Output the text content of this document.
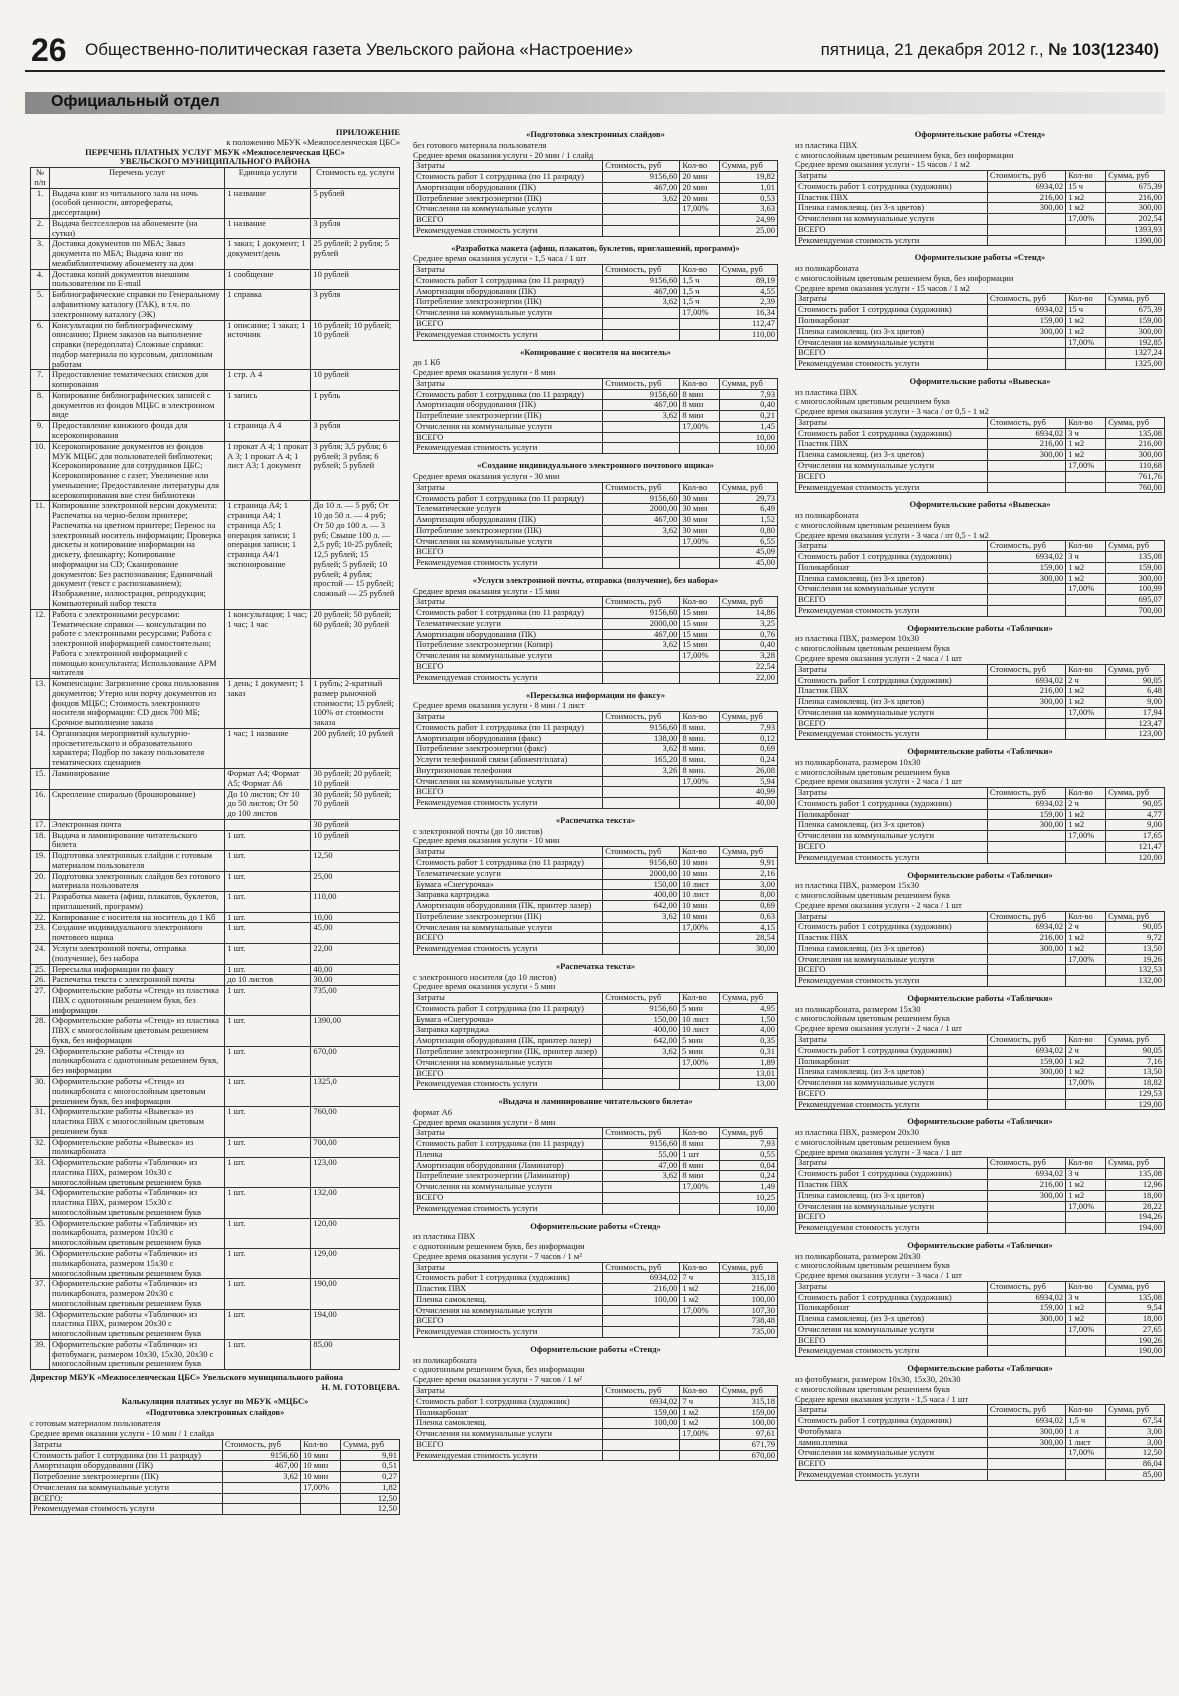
26 Общественно-политическая газета Увельского района «Настроение»	пятница, 21 декабря 2012 г., № 103(12340)
Официальный отдел
ПРИЛОЖЕНИЕ
к положению МБУК «Межпоселенческая ЦБС»
ПЕРЕЧЕНЬ ПЛАТНЫХ УСЛУГ МБУК «Межпоселенческая ЦБС»
УВЕЛЬСКОГО МУНИЦИПАЛЬНОГО РАЙОНА
№ п/п	Перечень услуг	Единица услуги	Стоимость ед. услуги
1.	Выдача книг из читального зала на ночь (особой ценности, авторефераты, диссертации)	1 название	5 рублей
2.	Выдача бестселлеров на абонементе (на сутки)	1 название	3 рубля
3.	Доставка документов по МБА; Заказ документа по МБА; Выдача книг по межбиблиотечному абонементу на дом	1 заказ; 1 документ; 1 документ/день	25 рублей; 2 рубля; 5 рублей
4.	Доставка копий документов внешним пользователям по E-mail	1 сообщение	10 рублей
5.	Библиографические справки по Генеральному алфавитному каталогу (ГАК), в т.ч. по электронному каталогу (ЭК)	1 справка	3 рубля
6.	Консультации по библиографическому описанию; Прием заказов на выполнение справки (передоплата) Сложные справки: подбор материала по курсовым, дипломным работам	1 описание; 1 заказ; 1 источник	10 рублей; 10 рублей; 10 рублей
7.	Предоставление тематических списков для копирования	1 стр. А 4	10 рублей
8.	Копирование библиографических записей с документов из фондов МЦБС в электронном виде	1 запись	1 рубль
9.	Предоставление книжного фонда для ксерокопирования	1 страница А 4	3 рубля
10.	Ксерокопирование документов из фондов МУК МЦБС для пользователей библиотеки; Ксерокопирование для сотрудников ЦБС; Ксерокопирование с газет; Увеличение или уменьшение; Предоставление литературы для ксерокопирования вне стен библиотеки	1 прокат А 4; 1 прокат А 3; 1 прокат А 4; 1 лист А3; 1 документ	3 рубля; 3,5 рубля; 6 рублей; 3 рубля; 6 рублей; 5 рублей
11.	Копирование электронной версии документа: Распечатка на черно-белом принтере; Распечатка на цветном принтере; Перенос на электронный носитель информации; Проверка дискеты и копирование информации на дискету, флешкарту; Копирование информации на CD; Сканирование документов: Без распознавания; Единичный документ (текст с распознаванием); Изображение, иллюстрация, репродукция; Компьютерный набор текста	1 страница А4; 1 страница А4; 1 страница А5; 1 операция записи; 1 операция записи; 1 страница А4/1 экспонирование	До 10 л. — 5 руб; От 10 до 50 л. — 4 руб; От 50 до 100 л. — 3 руб; Свыше 100 л. — 2,5 руб; 10-25 рублей; 12,5 рублей; 15 рублей; 5 рублей; 10 рублей; 4 рубля; простой — 15 рублей; сложный — 25 рублей
12.	Работа с электронными ресурсами: Тематические справки — консультации по работе с электронными ресурсами; Работа с электронной информацией самостоятельно; Работа с электронной информацией с помощью консультанта; Использование АРМ читателя	1 консультация; 1 час; 1 час; 1 час	20 рублей; 50 рублей; 60 рублей; 30 рублей
13.	Компенсации: Загрязнение срока пользования документов; Утерю или порчу документов из фондов МЦБС; Стоимость электронного носителя информации: CD диск 700 МБ; Срочное выполнение заказа	1 день; 1 документ; 1 заказ	1 рубль; 2-кратный размер рыночной стоимости; 15 рублей; 100% от стоимости заказа
14.	Организация мероприятий культурно-просветительского и образовательного характера; Подбор по заказу пользователя тематических сценариев	1 час; 1 название	200 рублей; 10 рублей
15.	Ламинирование	Формат А4; Формат А5; Формат А6	30 рублей; 20 рублей; 10 рублей
16.	Скрепление спиралью (брошюрование)	До 10 листов; От 10 до 50 листов; От 50 до 100 листов	30 рублей; 50 рублей; 70 рублей
17.	Электронная почта		30 рублей
18.	Выдача и ламинирование читательского билета	1 шт.	10 рублей
19.	Подготовка электронных слайдов с готовым материалом пользователя	1 шт.	12,50
20.	Подготовка электронных слайдов без готового материала пользователя	1 шт.	25,00
21.	Разработка макета (афиш, плакатов, буклетов, приглашений, программ)	1 шт.	110,00
22.	Копирование с носителя на носитель до 1 Кб	1 шт.	10,00
23.	Создание индивидуального электронного почтового ящика	1 шт.	45,00
24.	Услуги электронной почты, отправка (получение), без набора	1 шт.	22,00
25.	Пересылка информации по факсу	1 шт.	40,00
26.	Распечатка текста с электронной почты	до 10 листов	30,00
27.	Оформительские работы «Стенд» из пластика ПВХ с однотонным решением букв, без информации	1 шт.	735,00
28.	Оформительские работы «Стенд» из пластика ПВХ с многослойным цветовым решением букв, без информации	1 шт.	1390,00
29.	Оформительские работы «Стенд» из поликарбоната с однотонным решением букв, без информации	1 шт.	670,00
30.	Оформительские работы «Стенд» из поликарбоната с многослойным цветовым решением букв, без информации	1 шт.	1325,0
31.	Оформительские работы «Вывеска» из пластика ПВХ с многослойным цветовым решением букв	1 шт.	760,00
32.	Оформительские работы «Вывеска» из поликарбоната	1 шт.	700,00
33.	Оформительские работы «Таблички» из пластика ПВХ, размером 10х30 с многослойным цветовым решением букв	1 шт.	123,00
34.	Оформительские работы «Таблички» из пластика ПВХ, размером 15х30 с многослойным цветовым решением букв	1 шт.	132,00
35.	Оформительские работы «Таблички» из поликарбоната, размером 10х30 с многослойным цветовым решением букв	1 шт.	120,00
36.	Оформительские работы «Таблички» из поликарбоната, размером 15х30 с многослойным цветовым решением букв	1 шт.	129,00
37.	Оформительские работы «Таблички» из поликарбоната, размером 20х30 с многослойным цветовым решением букв	1 шт.	190,00
38.	Оформительские работы «Таблички» из пластика ПВХ, размером 20х30 с многослойным цветовым решением букв	1 шт.	194,00
39.	Оформительские работы «Таблички» из фотобумаги, размером 10х30, 15х30, 20х30 с многослойным цветовым решением букв	1 шт.	85,00
Директор МБУК «Межпоселенческая ЦБС» Увельского муниципального района
Н. М. ГОТОВЦЕВА.
Калькуляция платных услуг по МБУК «МЦБС»
«Подготовка электронных слайдов»

с готовым материалом пользователя

Среднее время оказания услуги - 10 мин / 1 слайда

Затраты	Стоимость, руб	Кол-во	Сумма, руб
Стоимость работ 1 сотрудника (по 11 разряду)	9156,60	10 мин	9,91
Амортизация оборудования (ПК)	467,00	10 мин	0,51
Потребление электроэнергии (ПК)	3,62	10 мин	0,27
Отчисления на коммунальные услуги		17,00%	1,82
ВСЕГО:			12,50
Рекомендуемая стоимость услуги			12,50
«Подготовка электронных слайдов»

без готового материала пользователя

Среднее время оказания услуги - 20 мин / 1 слайд

Затраты	Стоимость, руб	Кол-во	Сумма, руб
Стоимость работ 1 сотрудника (по 11 разряду)	9156,60	20 мин	19,82
Амортизация оборудования (ПК)	467,00	20 мин	1,01
Потребление электроэнергии (ПК)	3,62	20 мин	0,53
Отчисления на коммунальные услуги		17,00%	3,63
ВСЕГО			24,99
Рекомендуемая стоимость услуги			25,00
«Разработка макета (афиш, плакатов, буклетов, приглашений, программ)»

Среднее время оказания услуги - 1,5 часа / 1 шт

Затраты	Стоимость, руб	Кол-во	Сумма, руб
Стоимость работ 1 сотрудника (по 11 разряду)	9156,60	1,5 ч	89,19
Амортизация оборудования (ПК)	467,00	1,5 ч	4,55
Потребление электроэнергии (ПК)	3,62	1,5 ч	2,39
Отчисления на коммунальные услуги		17,00%	16,34
ВСЕГО			112,47
Рекомендуемая стоимость услуги			110,00
«Копирование с носителя на носитель»

до 1 Кб

Среднее время оказания услуги - 8 мин

Затраты	Стоимость, руб	Кол-во	Сумма, руб
Стоимость работ 1 сотрудника (по 11 разряду)	9156,60	8 мин	7,93
Амортизация оборудования (ПК)	467,00	8 мин	0,40
Потребление электроэнергии (ПК)	3,62	8 мин	0,21
Отчисления на коммунальные услуги		17,00%	1,45
ВСЕГО			10,00
Рекомендуемая стоимость услуги			10,00
«Создание индивидуального электронного почтового ящика»

Среднее время оказания услуги - 30 мин

Затраты	Стоимость, руб	Кол-во	Сумма, руб
Стоимость работ 1 сотрудника (по 11 разряду)	9156,60	30 мин	29,73
Телематические услуги	2000,00	30 мин	6,49
Амортизация оборудования (ПК)	467,00	30 мин	1,52
Потребление электроэнергии (ПК)	3,62	30 мин	0,80
Отчисления на коммунальные услуги		17,00%	6,55
ВСЕГО			45,09
Рекомендуемая стоимость услуги			45,00
«Услуги электронной почты, отправка (получение), без набора»

Среднее время оказания услуги - 15 мин

Затраты	Стоимость, руб	Кол-во	Сумма, руб
Стоимость работ 1 сотрудника (по 11 разряду)	9156,60	15 мин	14,86
Телематические услуги	2000,00	15 мин	3,25
Амортизация оборудования (ПК)	467,00	15 мин	0,76
Потребление электроэнергии (Копир)	3,62	15 мин	0,40
Отчисления на коммунальные услуги		17,00%	3,28
ВСЕГО			22,54
Рекомендуемая стоимость услуги			22,00
«Пересылка информации по факсу»

Среднее время оказания услуги - 8 мин / 1 лист

Затраты	Стоимость, руб	Кол-во	Сумма, руб
Стоимость работ 1 сотрудника (по 11 разряду)	9156,60	8 мин.	7,93
Амортизация оборудования (факс)	138,00	8 мин.	0,12
Потребление электроэнергии (факс)	3,62	8 мин.	0,69
Услуги телефонной связи (абонент/плата)	165,20	8 мин.	0,24
Внутризоновая телефония	3,26	8 мин.	26,08
Отчисления на коммунальные услуги		17,00%	5,94
ВСЕГО			40,99
Рекомендуемая стоимость услуги			40,00
«Распечатка текста»

с электронной почты (до 10 листов)

Среднее время оказания услуги - 10 мин

Затраты	Стоимость, руб	Кол-во	Сумма, руб
Стоимость работ 1 сотрудника (по 11 разряду)	9156,60	10 мин	9,91
Телематические услуги	2000,00	10 мин	2,16
Бумага «Снегурочка»	150,00	10 лист	3,00
Заправка картриджа	400,00	10 лист	8,00
Амортизация оборудования (ПК, принтер лазер)	642,00	10 мин	0,69
Потребление электроэнергии (ПК)	3,62	10 мин	0,63
Отчисления на коммунальные услуги		17,00%	4,15
ВСЕГО			28,54
Рекомендуемая стоимость услуги			30,00
«Распечатка текста»

с электронного носителя (до 10 листов)

Среднее время оказания услуги - 5 мин

Затраты	Стоимость, руб	Кол-во	Сумма, руб
Стоимость работ 1 сотрудника (по 11 разряду)	9156,60	5 мин	4,95
Бумага «Снегурочка»	150,00	10 лист	1,50
Заправка картриджа	400,00	10 лист	4,00
Амортизация оборудования (ПК, принтер лазер)	642,00	5 мин	0,35
Потребление электроэнергии (ПК, принтер лазер)	3,62	5 мин	0,31
Отчисления на коммунальные услуги		17,00%	1,89
ВСЕГО			13,01
Рекомендуемая стоимость услуги			13,00
«Выдача и ламинирование читательского билета»

формат А6

Среднее время оказания услуги - 8 мин

Затраты	Стоимость, руб	Кол-во	Сумма, руб
Стоимость работ 1 сотрудника (по 11 разряду)	9156,60	8 мин	7,93
Пленка	55,00	1 шт	0,55
Амортизация оборудования (Ламинатор)	47,00	8 мин	0,04
Потребление электроэнергии (Ламинатор)	3,62	8 мин	0,24
Отчисления на коммунальные услуги		17,00%	1,49
ВСЕГО			10,25
Рекомендуемая стоимость услуги			10,00
Оформительские работы «Стенд»

из пластика ПВХ

с однотонным решением букв, без информации

Среднее время оказания услуги - 7 часов / 1 м²

Затраты	Стоимость, руб	Кол-во	Сумма, руб
Стоимость работ 1 сотрудника (художник)	6934,02	7 ч	315,18
Пластик ПВХ	216,00	1 м2	216,00
Пленка самоклеящ.	100,00	1 м2	100,00
Отчисления на коммунальные услуги		17,00%	107,30
ВСЕГО			738,48
Рекомендуемая стоимость услуги			735,00
Оформительские работы «Стенд»

из поликарбоната

с однотонным решением букв, без информации

Среднее время оказания услуги - 7 часов / 1 м²

Затраты	Стоимость, руб	Кол-во	Сумма, руб
Стоимость работ 1 сотрудника (художник)	6934,02	7 ч	315,18
Поликарбонат	159,00	1 м2	159,00
Пленка самоклеящ.	100,00	1 м2	100,00
Отчисления на коммунальные услуги		17,00%	97,61
ВСЕГО			671,79
Рекомендуемая стоимость услуги			670,00
Оформительские работы «Стенд»

из пластика ПВХ

с многослойным цветовым решением букв, без информации

Среднее время оказания услуги - 15 часов / 1 м2

Затраты	Стоимость, руб	Кол-во	Сумма, руб
Стоимость работ 1 сотрудника (художник)	6934,02	15 ч	675,39
Пластик ПВХ	216,00	1 м2	216,00
Пленка самоклеящ. (из 3-х цветов)	300,00	1 м2	300,00
Отчисления на коммунальные услуги		17,00%	202,54
ВСЕГО			1393,93
Рекомендуемая стоимость услуги			1390,00
Оформительские работы «Стенд»

из поликарбоната

с многослойным цветовым решением букв, без информации

Среднее время оказания услуги - 15 часов / 1 м2

Затраты	Стоимость, руб	Кол-во	Сумма, руб
Стоимость работ 1 сотрудника (художник)	6934,02	15 ч	675,39
Поликарбонат	159,00	1 м2	159,00
Пленка самоклеящ. (из 3-х цветов)	300,00	1 м2	300,00
Отчисления на коммунальные услуги		17,00%	192,85
ВСЕГО			1327,24
Рекомендуемая стоимость услуги			1325,00
Оформительские работы «Вывеска»

из пластика ПВХ

с многослойным цветовым решением букв

Среднее время оказания услуги - 3 часа / от 0,5 - 1 м2

Затраты	Стоимость, руб	Кол-во	Сумма, руб
Стоимость работ 1 сотрудника (художник)	6934,02	3 ч	135,08
Пластик ПВХ	216,00	1 м2	216,00
Пленка самоклеящ. (из 3-х цветов)	300,00	1 м2	300,00
Отчисления на коммунальные услуги		17,00%	110,68
ВСЕГО			761,76
Рекомендуемая стоимость услуги			760,00
Оформительские работы «Вывеска»

из поликарбоната

с многослойным цветовым решением букв

Среднее время оказания услуги - 3 часа / от 0,5 - 1 м2

Затраты	Стоимость, руб	Кол-во	Сумма, руб
Стоимость работ 1 сотрудника (художник)	6934,02	3 ч	135,08
Поликарбонат	159,00	1 м2	159,00
Пленка самоклеящ. (из 3-х цветов)	300,00	1 м2	300,00
Отчисления на коммунальные услуги		17,00%	100,99
ВСЕГО			695,07
Рекомендуемая стоимость услуги			700,00
Оформительские работы «Таблички»

из пластика ПВХ, размером 10х30

с многослойным цветовым решением букв

Среднее время оказания услуги - 2 часа / 1 шт

Затраты	Стоимость, руб	Кол-во	Сумма, руб
Стоимость работ 1 сотрудника (художник)	6934,02	2 ч	90,05
Пластик ПВХ	216,00	1 м2	6,48
Пленка самоклеящ. (из 3-х цветов)	300,00	1 м2	9,00
Отчисления на коммунальные услуги		17,00%	17,94
ВСЕГО			123,47
Рекомендуемая стоимость услуги			123,00
Оформительские работы «Таблички»

из поликарбоната, размером 10х30

с многослойным цветовым решением букв

Среднее время оказания услуги - 2 часа / 1 шт

Затраты	Стоимость, руб	Кол-во	Сумма, руб
Стоимость работ 1 сотрудника (художник)	6934,02	2 ч	90,05
Поликарбонат	159,00	1 м2	4,77
Пленка самоклеящ. (из 3-х цветов)	300,00	1 м2	9,00
Отчисления на коммунальные услуги		17,00%	17,65
ВСЕГО			121,47
Рекомендуемая стоимость услуги			120,00
Оформительские работы «Таблички»

из пластика ПВХ, размером 15х30

с многослойным цветовым решением букв

Среднее время оказания услуги - 2 часа / 1 шт

Затраты	Стоимость, руб	Кол-во	Сумма, руб
Стоимость работ 1 сотрудника (художник)	6934,02	2 ч	90,05
Пластик ПВХ	216,00	1 м2	9,72
Пленка самоклеящ. (из 3-х цветов)	300,00	1 м2	13,50
Отчисления на коммунальные услуги		17,00%	19,26
ВСЕГО			132,53
Рекомендуемая стоимость услуги			132,00
Оформительские работы «Таблички»

из поликарбоната, размером 15х30

с многослойным цветовым решением букв

Среднее время оказания услуги - 2 часа / 1 шт

Затраты	Стоимость, руб	Кол-во	Сумма, руб
Стоимость работ 1 сотрудника (художник)	6934,02	2 ч	90,05
Поликарбонат	159,00	1 м2	7,16
Пленка самоклеящ. (из 3-х цветов)	300,00	1 м2	13,50
Отчисления на коммунальные услуги		17,00%	18,82
ВСЕГО			129,53
Рекомендуемая стоимость услуги			129,00
Оформительские работы «Таблички»

из пластика ПВХ, размером 20х30

с многослойным цветовым решением букв

Среднее время оказания услуги - 3 часа / 1 шт

Затраты	Стоимость, руб	Кол-во	Сумма, руб
Стоимость работ 1 сотрудника (художник)	6934,02	3 ч	135,08
Пластик ПВХ	216,00	1 м2	12,96
Пленка самоклеящ. (из 3-х цветов)	300,00	1 м2	18,00
Отчисления на коммунальные услуги		17,00%	28,22
ВСЕГО			194,26
Рекомендуемая стоимость услуги			194,00
Оформительские работы «Таблички»

из поликарбоната, размером 20х30

с многослойным цветовым решением букв

Среднее время оказания услуги - 3 часа / 1 шт

Затраты	Стоимость, руб	Кол-во	Сумма, руб
Стоимость работ 1 сотрудника (художник)	6934,02	3 ч	135,08
Поликарбонат	159,00	1 м2	9,54
Пленка самоклеящ. (из 3-х цветов)	300,00	1 м2	18,00
Отчисления на коммунальные услуги		17,00%	27,65
ВСЕГО			190,26
Рекомендуемая стоимость услуги			190,00
Оформительские работы «Таблички»

из фотобумаги, размером 10х30, 15х30, 20х30

с многослойным цветовым решением букв

Среднее время оказания услуги - 1,5 часа / 1 шт

Затраты	Стоимость, руб	Кол-во	Сумма, руб
Стоимость работ 1 сотрудника (художник)	6934,02	1,5 ч	67,54
Фотобумага	300,00	1 л	3,00
ламин.пленка	300,00	1 лист	3,00
Отчисления на коммунальные услуги		17,00%	12,50
ВСЕГО			86,04
Рекомендуемая стоимость услуги			85,00
